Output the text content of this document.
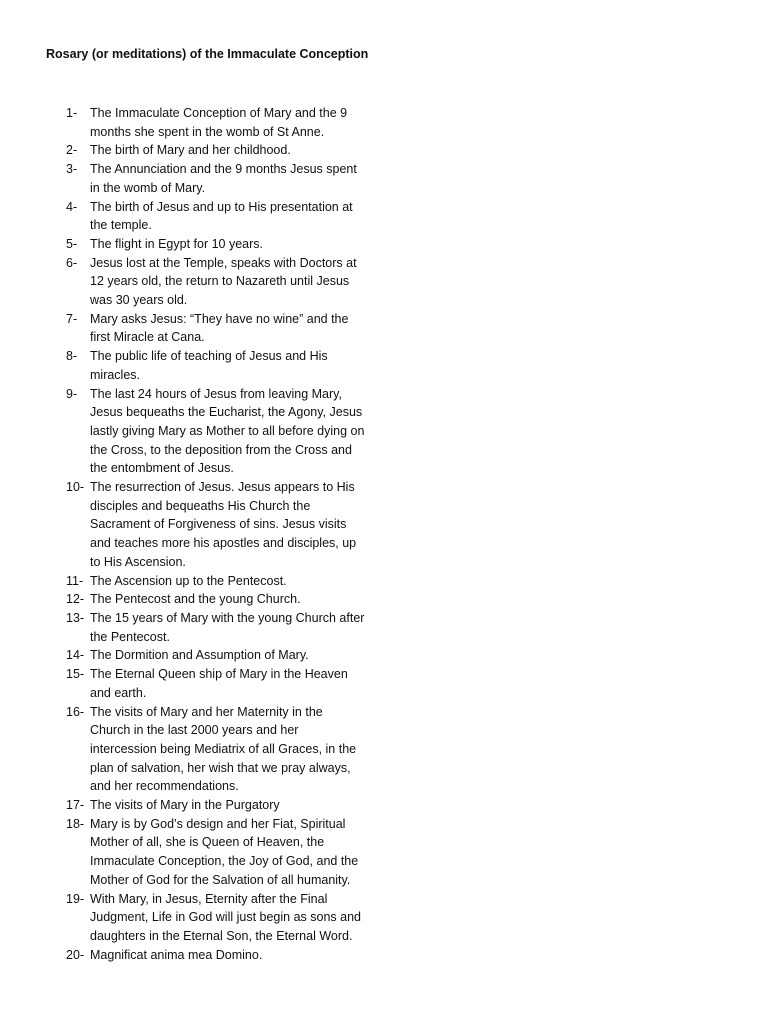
Rosary (or meditations) of the Immaculate Conception
1-	The Immaculate Conception of Mary and the 9 months she spent in the womb of St Anne.
2-	The birth of Mary and her childhood.
3-	The Annunciation and the 9 months Jesus spent in the womb of Mary.
4-	The birth of Jesus and up to His presentation at the temple.
5-	The flight in Egypt for 10 years.
6-	Jesus lost at the Temple, speaks with Doctors at 12 years old, the return to Nazareth until Jesus was 30 years old.
7-	Mary asks Jesus: “They have no wine” and the first Miracle at Cana.
8-	The public life of teaching of Jesus and His miracles.
9-	The last 24 hours of Jesus from leaving Mary, Jesus bequeaths the Eucharist, the Agony, Jesus lastly giving Mary as Mother to all before dying on the Cross, to the deposition from the Cross and the entombment of Jesus.
10- The resurrection of Jesus. Jesus appears to His disciples and bequeaths His Church the Sacrament of Forgiveness of sins. Jesus visits and teaches more his apostles and disciples, up to His Ascension.
11- The Ascension up to the Pentecost.
12- The Pentecost and the young Church.
13- The 15 years of Mary with the young Church after the Pentecost.
14- The Dormition and Assumption of Mary.
15- The Eternal Queen ship of Mary in the Heaven and earth.
16- The visits of Mary and her Maternity in the Church in the last 2000 years and her intercession being Mediatrix of all Graces, in the plan of salvation, her wish that we pray always, and her recommendations.
17- The visits of Mary in the Purgatory
18- Mary is by God’s design and her Fiat, Spiritual Mother of all, she is Queen of Heaven, the Immaculate Conception, the Joy of God, and the Mother of God for the Salvation of all humanity.
19- With Mary, in Jesus, Eternity after the Final Judgment, Life in God will just begin as sons and daughters in the Eternal Son, the Eternal Word.
20- Magnificat anima mea Domino.
